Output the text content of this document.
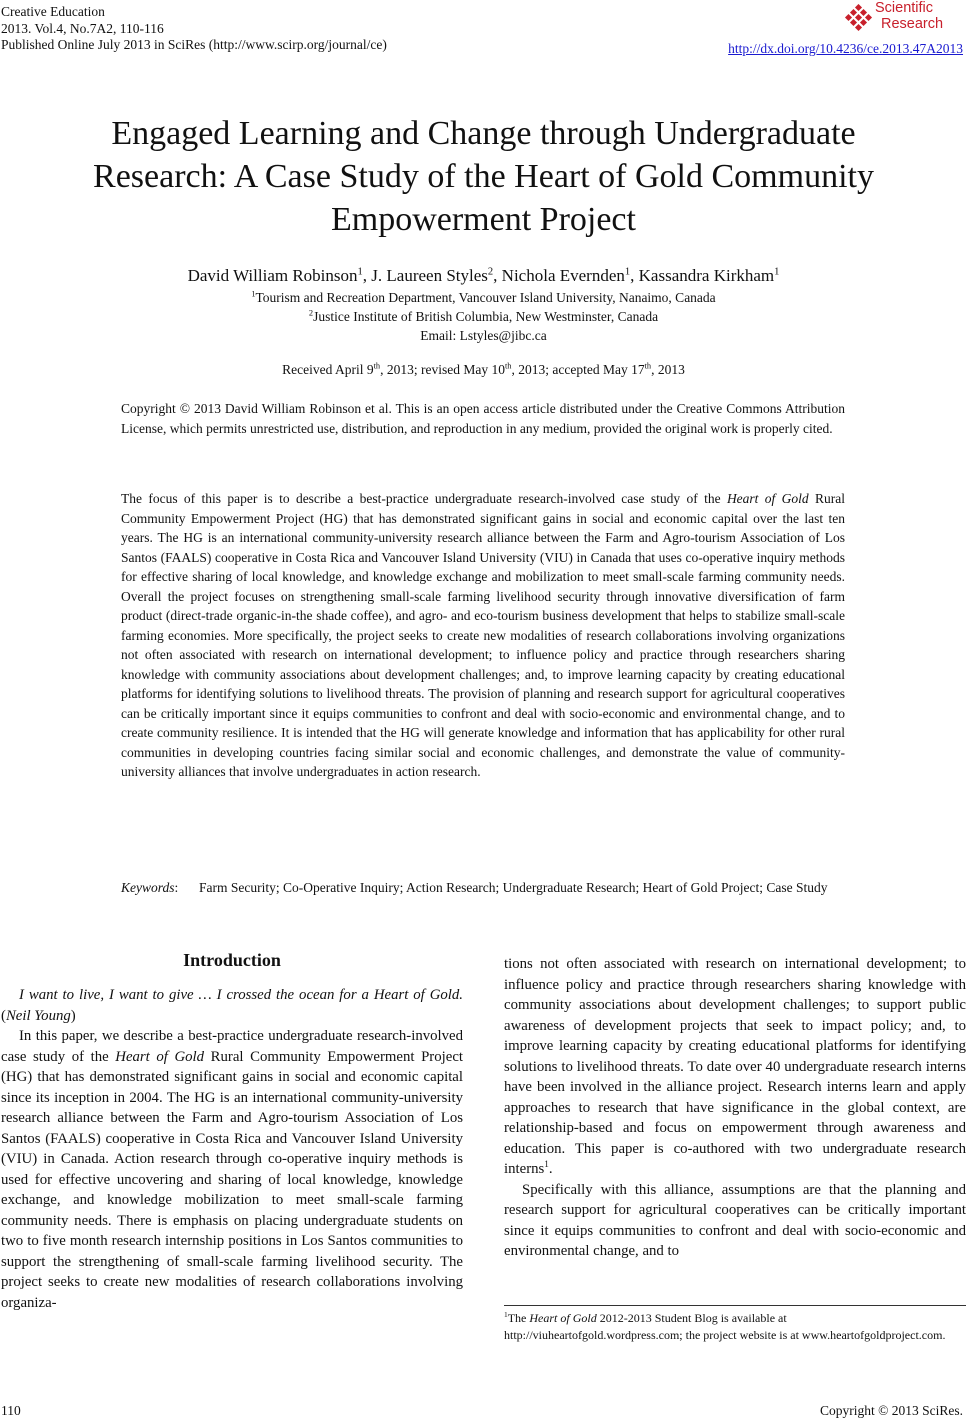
Creative Education
2013. Vol.4, No.7A2, 110-116
Published Online July 2013 in SciRes (http://www.scirp.org/journal/ce)
Scientific
Research
http://dx.doi.org/10.4236/ce.2013.47A2013
Engaged Learning and Change through Undergraduate Research: A Case Study of the Heart of Gold Community Empowerment Project
David William Robinson$^1$, J. Laureen Styles$^2$, Nichola Evernden$^1$, Kassandra Kirkham$^1$
$^1$Tourism and Recreation Department, Vancouver Island University, Nanaimo, Canada
$^2$Justice Institute of British Columbia, New Westminster, Canada
Email: Lstyles@jibc.ca
Received April 9th, 2013; revised May 10th, 2013; accepted May 17th, 2013
Copyright © 2013 David William Robinson et al. This is an open access article distributed under the Creative Commons Attribution License, which permits unrestricted use, distribution, and reproduction in any medium, provided the original work is properly cited.
The focus of this paper is to describe a best-practice undergraduate research-involved case study of the Heart of Gold Rural Community Empowerment Project (HG) that has demonstrated significant gains in social and economic capital over the last ten years. The HG is an international community-university research alliance between the Farm and Agro-tourism Association of Los Santos (FAALS) cooperative in Costa Rica and Vancouver Island University (VIU) in Canada that uses co-operative inquiry methods for effective sharing of local knowledge, and knowledge exchange and mobilization to meet small-scale farming community needs. Overall the project focuses on strengthening small-scale farming livelihood security through innovative diversification of farm product (direct-trade organic-in-the shade coffee), and agro- and eco-tourism business development that helps to stabilize small-scale farming economies. More specifically, the project seeks to create new modalities of research collaborations involving organizations not often associated with research on international development; to influence policy and practice through researchers sharing knowledge with community associations about development challenges; and, to improve learning capacity by creating educational platforms for identifying solutions to livelihood threats. The provision of planning and research support for agricultural cooperatives can be critically important since it equips communities to confront and deal with socio-economic and environmental change, and to create community resilience. It is intended that the HG will generate knowledge and information that has applicability for other rural communities in developing countries facing similar social and economic challenges, and demonstrate the value of community-university alliances that involve undergraduates in action research.
Keywords: Farm Security; Co-Operative Inquiry; Action Research; Undergraduate Research; Heart of Gold Project; Case Study
Introduction

I want to live, I want to give … I crossed the ocean for a Heart of Gold. (Neil Young)

In this paper, we describe a best-practice undergraduate research-involved case study of the Heart of Gold Rural Community Empowerment Project (HG) that has demonstrated significant gains in social and economic capital since its inception in 2004. The HG is an international community-university research alliance between the Farm and Agro-tourism Association of Los Santos (FAALS) cooperative in Costa Rica and Vancouver Island University (VIU) in Canada. Action research through co-operative inquiry methods is used for effective uncovering and sharing of local knowledge, knowledge exchange, and knowledge mobilization to meet small-scale farming community needs. There is emphasis on placing undergraduate students on two to five month research internship positions in Los Santos communities to support the strengthening of small-scale farming livelihood security. The project seeks to create new modalities of research collaborations involving organiza-

tions not often associated with research on international development; to influence policy and practice through researchers sharing knowledge with community associations about development challenges; to support public awareness of development projects that seek to impact policy; and, to improve learning capacity by creating educational platforms for identifying solutions to livelihood threats. To date over 40 undergraduate research interns have been involved in the alliance project. Research interns learn and apply approaches to research that have significance in the global context, are relationship-based and focus on empowerment through awareness and education. This paper is co-authored with two undergraduate research interns$^1$.

Specifically with this alliance, assumptions are that the planning and research support for agricultural cooperatives can be critically important since it equips communities to confront and deal with socio-economic and environmental change, and to

$^1$The Heart of Gold 2012-2013 Student Blog is available at http://viuheartofgold.wordpress.com; the project website is at www.heartofgoldproject.com.
110	Copyright © 2013 SciRes.
